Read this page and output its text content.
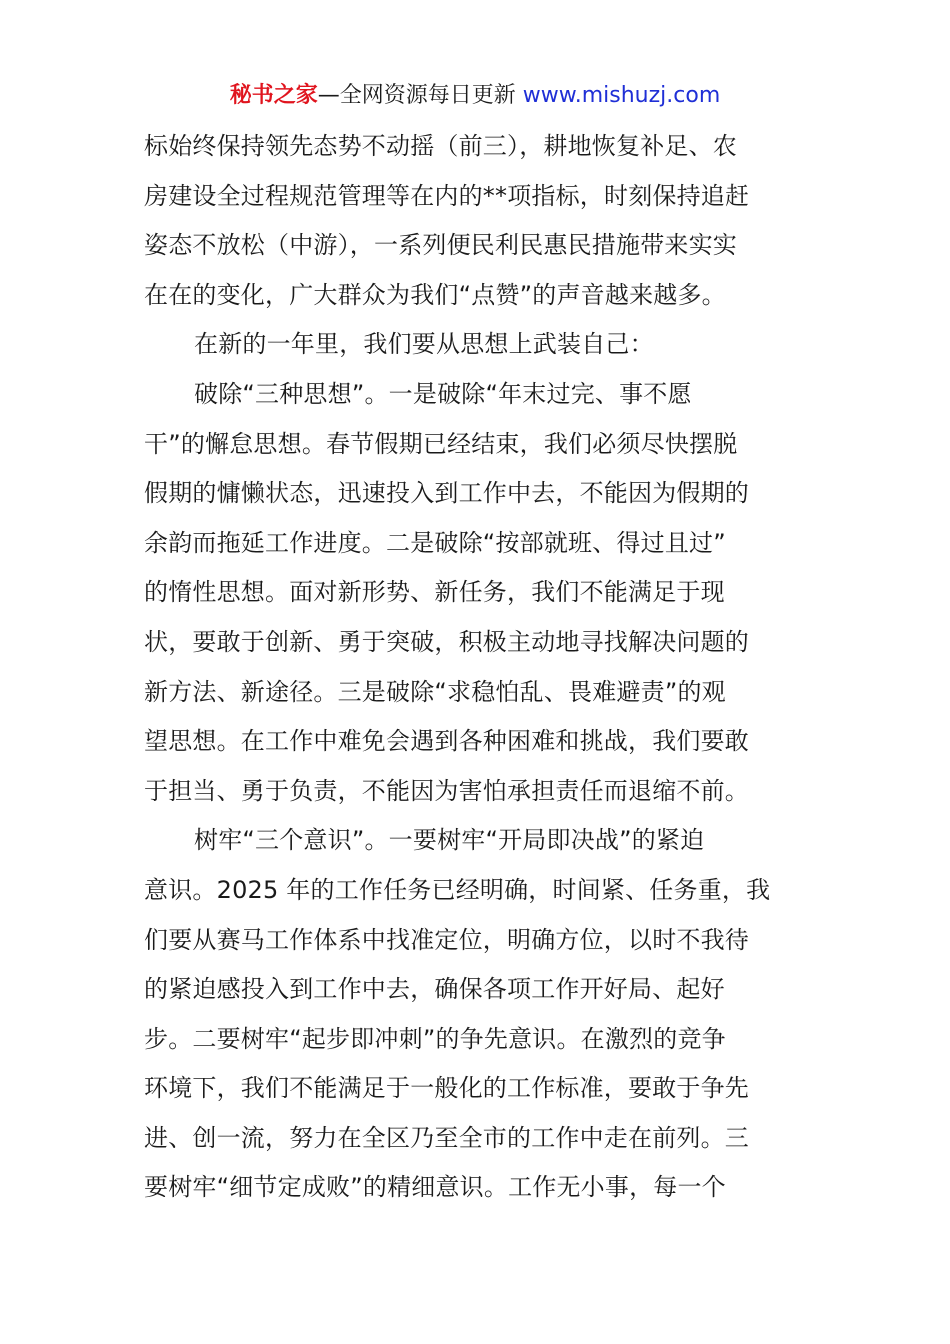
秘书之家—全网资源每日更新 www.mishuzj.com
标始终保持领先态势不动摇（前三），耕地恢复补足、农
房建设全过程规范管理等在内的**项指标，时刻保持追赶
姿态不放松（中游），一系列便民利民惠民措施带来实实
在在的变化，广大群众为我们“点赞”的声音越来越多。
在新的一年里，我们要从思想上武装自己：
破除“三种思想”。一是破除“年末过完、事不愿
干”的懈怠思想。春节假期已经结束，我们必须尽快摆脱
假期的慵懒状态，迅速投入到工作中去，不能因为假期的
余韵而拖延工作进度。二是破除“按部就班、得过且过”
的惰性思想。面对新形势、新任务，我们不能满足于现
状，要敢于创新、勇于突破，积极主动地寻找解决问题的
新方法、新途径。三是破除“求稳怕乱、畏难避责”的观
望思想。在工作中难免会遇到各种困难和挑战，我们要敢
于担当、勇于负责，不能因为害怕承担责任而退缩不前。
树牢“三个意识”。一要树牢“开局即决战”的紧迫
意识。2025 年的工作任务已经明确，时间紧、任务重，我
们要从赛马工作体系中找准定位，明确方位，以时不我待
的紧迫感投入到工作中去，确保各项工作开好局、起好
步。二要树牢“起步即冲刺”的争先意识。在激烈的竞争
环境下，我们不能满足于一般化的工作标准，要敢于争先
进、创一流，努力在全区乃至全市的工作中走在前列。三
要树牢“细节定成败”的精细意识。工作无小事，每一个
